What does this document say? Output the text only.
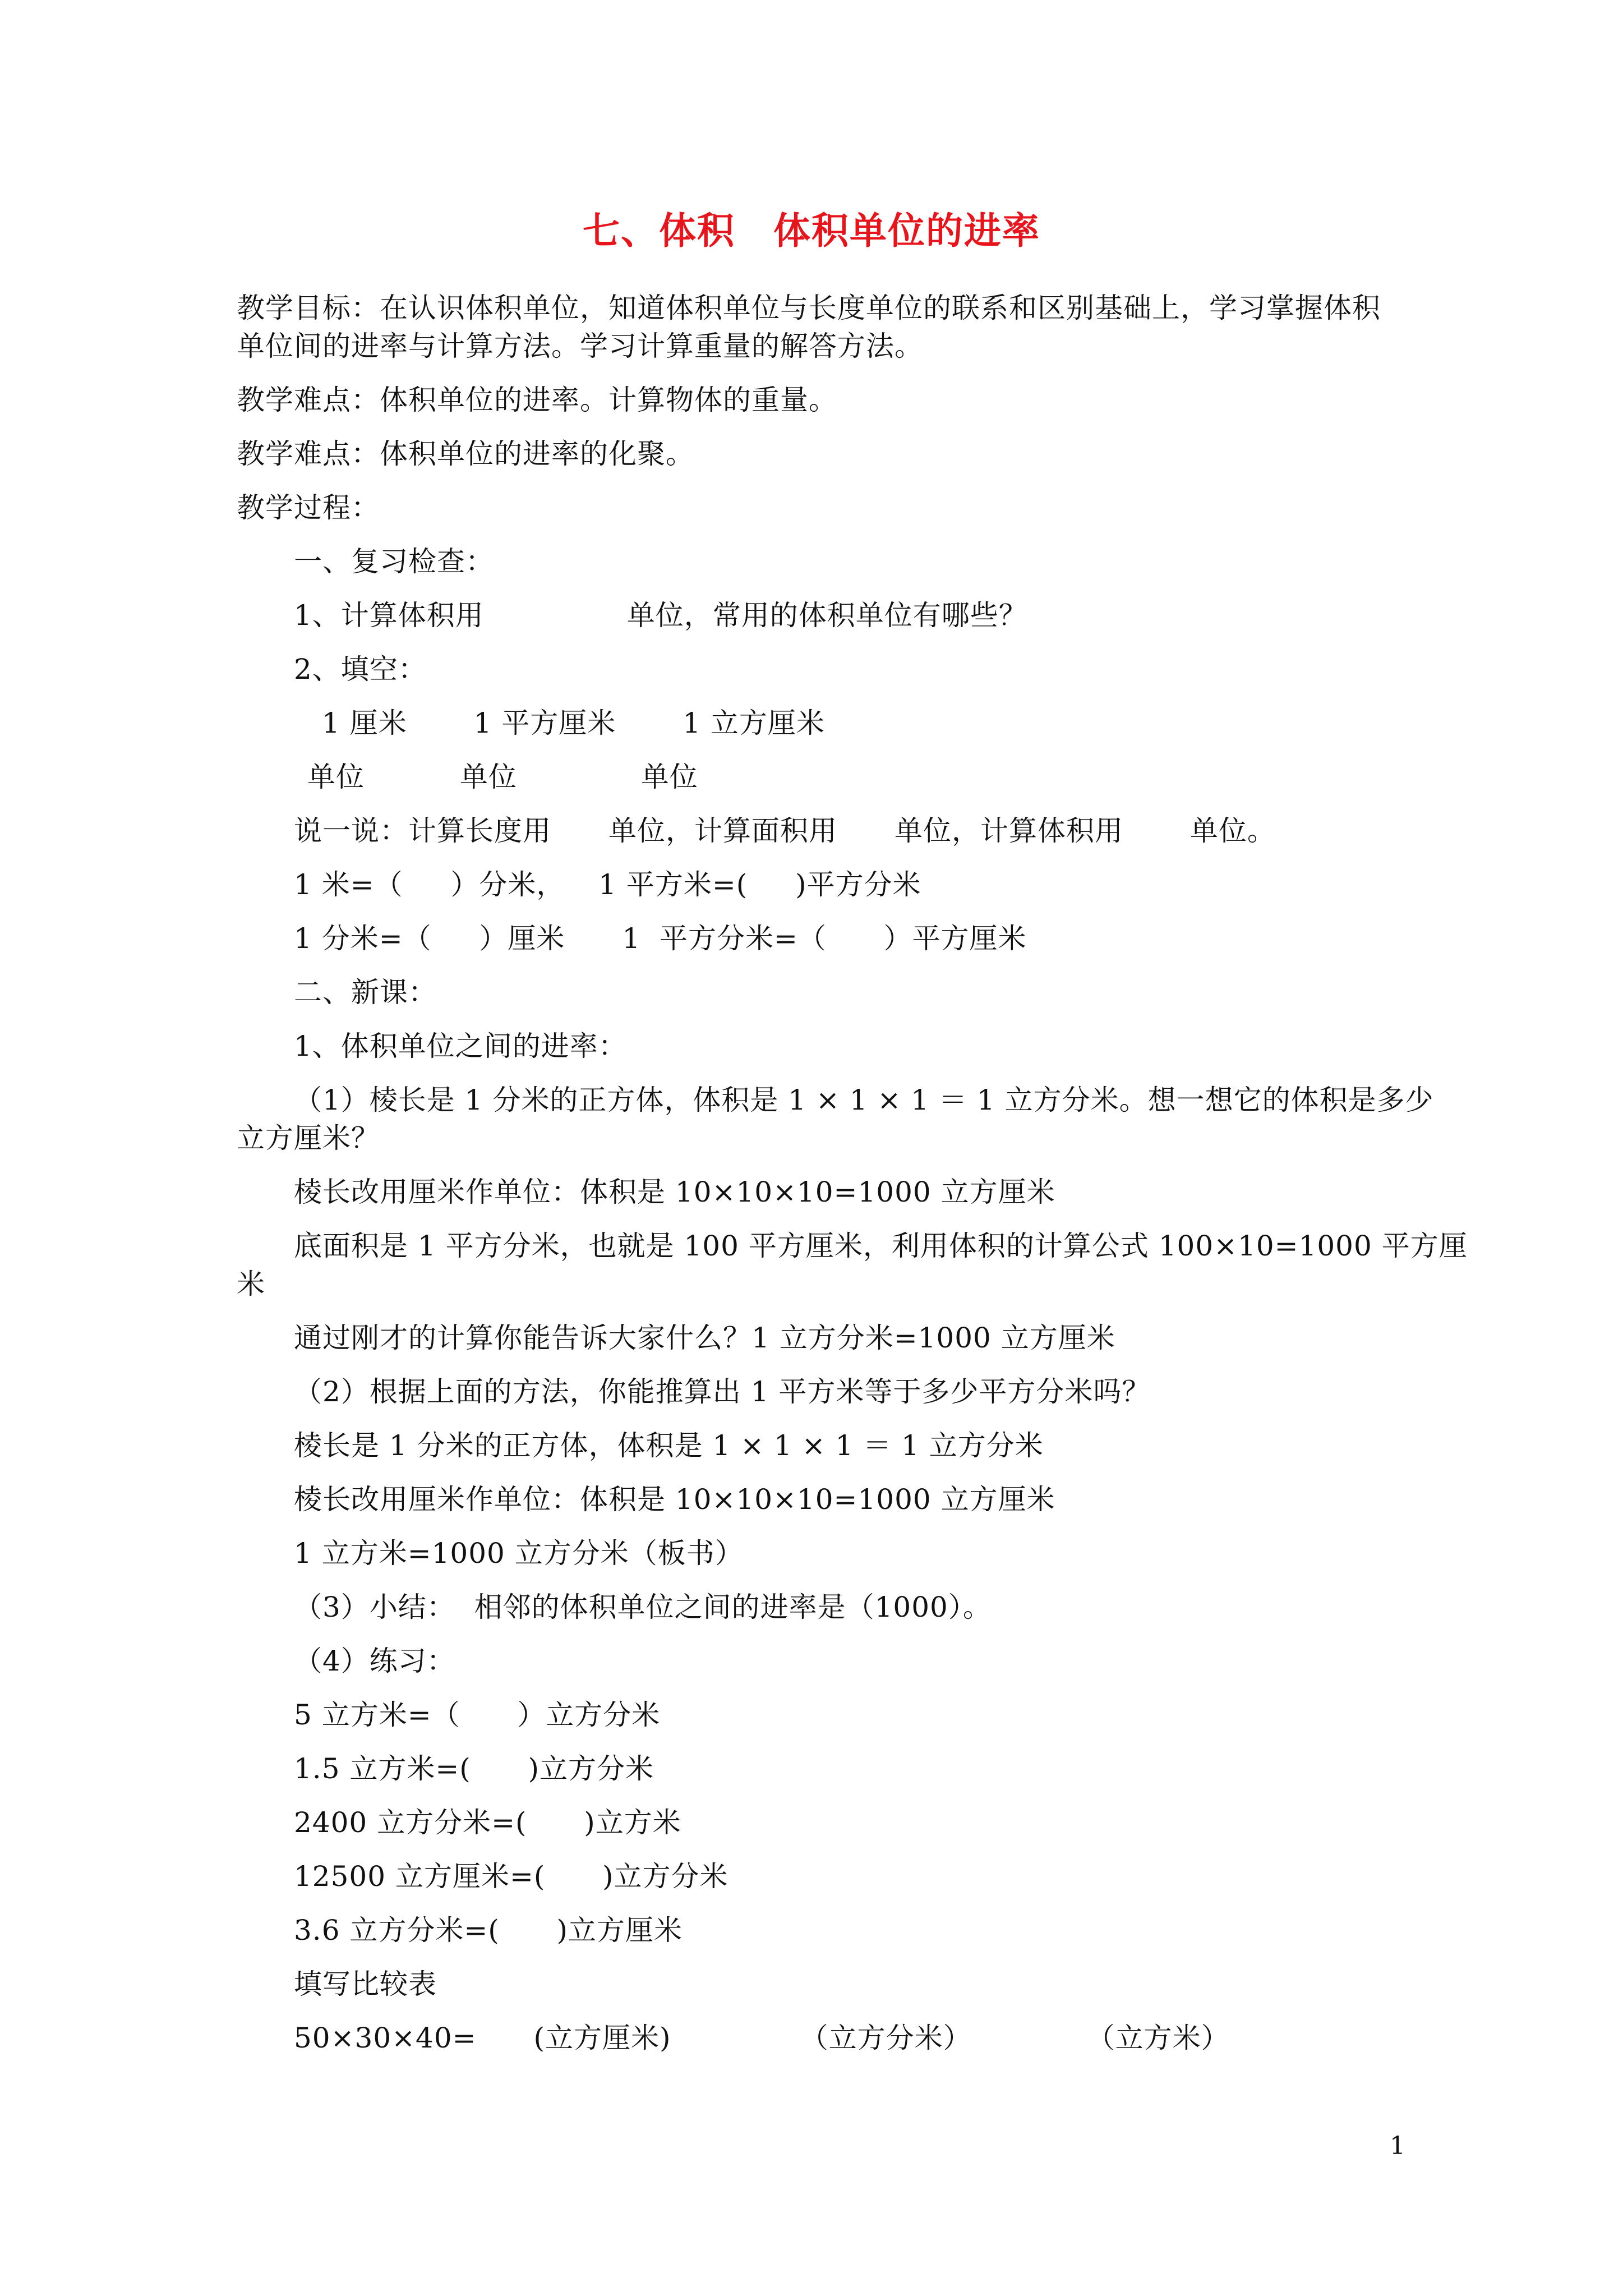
七、体积　体积单位的进率
教学目标：在认识体积单位，知道体积单位与长度单位的联系和区别基础上，学习掌握体积
单位间的进率与计算方法。学习计算重量的解答方法。
教学难点：体积单位的进率。计算物体的重量。
教学难点：体积单位的进率的化聚。
教学过程：
一、复习检查：
1、计算体积用　　　　　单位，常用的体积单位有哪些？
2、填空：
1 厘米　　 1 平方厘米　　 1 立方厘米
单位　　　 单位　　　　 单位
说一说：计算长度用　　单位，计算面积用　　单位，计算体积用　　 单位。
1 米=（　  ）分米，　  1 平方米=(　  )平方分米
1 分米=（　  ）厘米　　1  平方分米=（　   ）平方厘米
二、新课：
1、体积单位之间的进率：
（1）棱长是 1 分米的正方体，体积是 1 × 1 × 1 ＝ 1 立方分米。想一想它的体积是多少
立方厘米？
棱长改用厘米作单位：体积是 10×10×10=1000 立方厘米
底面积是 1 平方分米，也就是 100 平方厘米，利用体积的计算公式 100×10=1000 平方厘
米
通过刚才的计算你能告诉大家什么？1 立方分米=1000 立方厘米
（2）根据上面的方法，你能推算出 1 平方米等于多少平方分米吗？
棱长是 1 分米的正方体，体积是 1 × 1 × 1 ＝ 1 立方分米
棱长改用厘米作单位：体积是 10×10×10=1000 立方厘米
1 立方米=1000 立方分米（板书）
（3）小结：  相邻的体积单位之间的进率是（1000）。
（4）练习：
5 立方米=（　   ）立方分米
1.5 立方米=(　   )立方分米
2400 立方分米=(　   )立方米
12500 立方厘米=(　   )立方分米
3.6 立方分米=(　   )立方厘米
填写比较表
50×30×40=　　(立方厘米)　　　　　（立方分米）　　　　　（立方米）
1
